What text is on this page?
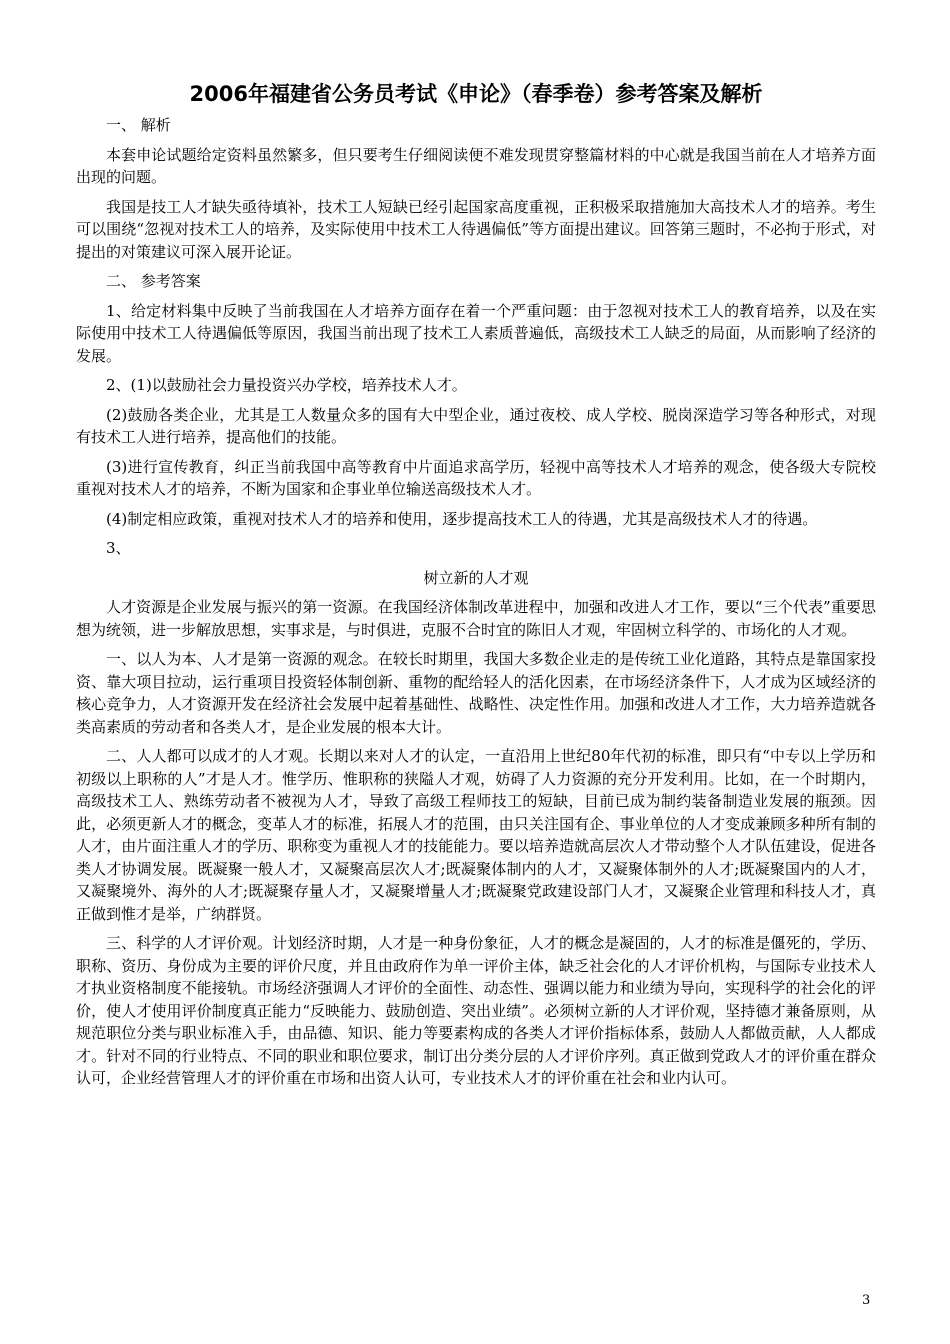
2006年福建省公务员考试《申论》（春季卷）参考答案及解析

一、 解析

本套申论试题给定资料虽然繁多，但只要考生仔细阅读便不难发现贯穿整篇材料的中心就是我国当前在人才培养方面出现的问题。

我国是技工人才缺失亟待填补，技术工人短缺已经引起国家高度重视，正积极采取措施加大高技术人才的培养。考生可以围绕“忽视对技术工人的培养，及实际使用中技术工人待遇偏低”等方面提出建议。回答第三题时，不必拘于形式，对提出的对策建议可深入展开论证。

二、 参考答案

1、给定材料集中反映了当前我国在人才培养方面存在着一个严重问题：由于忽视对技术工人的教育培养，以及在实际使用中技术工人待遇偏低等原因，我国当前出现了技术工人素质普遍低，高级技术工人缺乏的局面，从而影响了经济的发展。

2、(1)以鼓励社会力量投资兴办学校，培养技术人才。

(2)鼓励各类企业，尤其是工人数量众多的国有大中型企业，通过夜校、成人学校、脱岗深造学习等各种形式，对现有技术工人进行培养，提高他们的技能。

(3)进行宣传教育，纠正当前我国中高等教育中片面追求高学历，轻视中高等技术人才培养的观念，使各级大专院校重视对技术人才的培养，不断为国家和企事业单位输送高级技术人才。

(4)制定相应政策，重视对技术人才的培养和使用，逐步提高技术工人的待遇，尤其是高级技术人才的待遇。

3、

树立新的人才观

人才资源是企业发展与振兴的第一资源。在我国经济体制改革进程中，加强和改进人才工作，要以“三个代表”重要思想为统领，进一步解放思想，实事求是，与时俱进，克服不合时宜的陈旧人才观，牢固树立科学的、市场化的人才观。

一、以人为本、人才是第一资源的观念。在较长时期里，我国大多数企业走的是传统工业化道路，其特点是靠国家投资、靠大项目拉动，运行重项目投资轻体制创新、重物的配给轻人的活化因素，在市场经济条件下，人才成为区域经济的核心竞争力，人才资源开发在经济社会发展中起着基础性、战略性、决定性作用。加强和改进人才工作，大力培养造就各类高素质的劳动者和各类人才，是企业发展的根本大计。

二、人人都可以成才的人才观。长期以来对人才的认定，一直沿用上世纪80年代初的标准，即只有“中专以上学历和初级以上职称的人”才是人才。惟学历、惟职称的狭隘人才观，妨碍了人力资源的充分开发利用。比如，在一个时期内，高级技术工人、熟练劳动者不被视为人才，导致了高级工程师技工的短缺，目前已成为制约装备制造业发展的瓶颈。因此，必须更新人才的概念，变革人才的标准，拓展人才的范围，由只关注国有企、事业单位的人才变成兼顾多种所有制的人才，由片面注重人才的学历、职称变为重视人才的技能能力。要以培养造就高层次人才带动整个人才队伍建设，促进各类人才协调发展。既凝聚一般人才，又凝聚高层次人才;既凝聚体制内的人才，又凝聚体制外的人才;既凝聚国内的人才，又凝聚境外、海外的人才;既凝聚存量人才，又凝聚增量人才;既凝聚党政建设部门人才，又凝聚企业管理和科技人才，真正做到惟才是举，广纳群贤。

三、科学的人才评价观。计划经济时期，人才是一种身份象征，人才的概念是凝固的，人才的标准是僵死的，学历、职称、资历、身份成为主要的评价尺度，并且由政府作为单一评价主体，缺乏社会化的人才评价机构，与国际专业技术人才执业资格制度不能接轨。市场经济强调人才评价的全面性、动态性、强调以能力和业绩为导向，实现科学的社会化的评价，使人才使用评价制度真正能力“反映能力、鼓励创造、突出业绩”。必须树立新的人才评价观，坚持德才兼备原则，从规范职位分类与职业标准入手，由品德、知识、能力等要素构成的各类人才评价指标体系，鼓励人人都做贡献，人人都成才。针对不同的行业特点、不同的职业和职位要求，制订出分类分层的人才评价序列。真正做到党政人才的评价重在群众认可，企业经营管理人才的评价重在市场和出资人认可，专业技术人才的评价重在社会和业内认可。

3
